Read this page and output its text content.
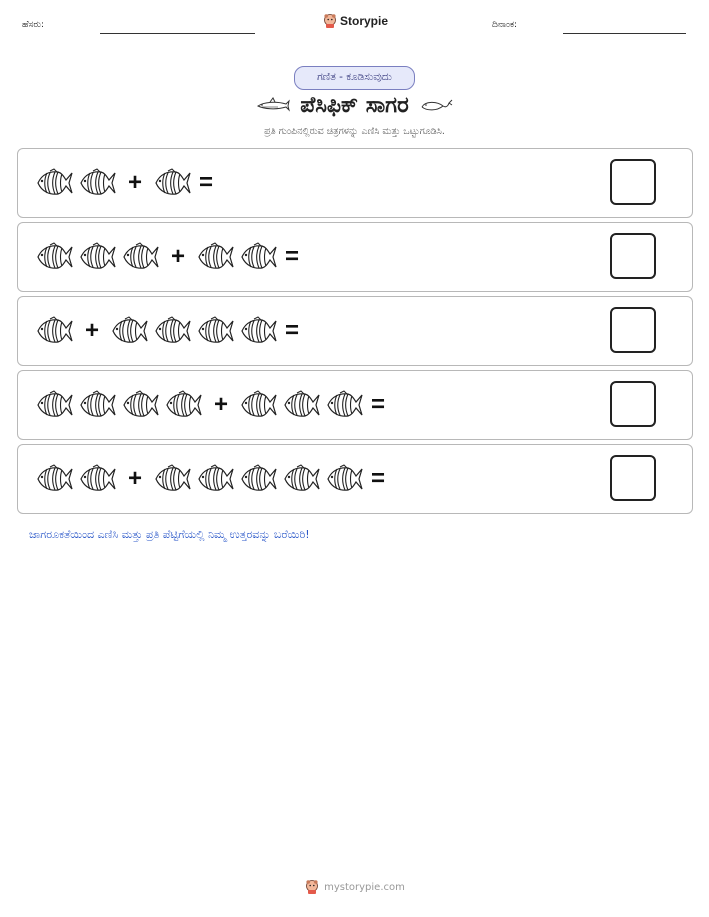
ಹೆಸರು:	Storypie	ದಿನಾಂಕ:
ಗಣಿತ - ಕೂಡಿಸುವುದು
ಪೆಸಿಫಿಕ್ ಸಾಗರ
ಪ್ರತಿ ಗುಂಪಿನಲ್ಲಿರುವ ಚಿತ್ರಗಳನ್ನು ಎಣಿಸಿ ಮತ್ತು ಒಟ್ಟುಗೂಡಿಸಿ.
+ =
+	=
+	=
+	=
+	=
ಜಾಗರೂಕತೆಯಿಂದ ಎಣಿಸಿ ಮತ್ತು ಪ್ರತಿ ಪೆಟ್ಟಿಗೆಯಲ್ಲಿ ನಿಮ್ಮ ಉತ್ತರವನ್ನು ಬರೆಯಿರಿ!
mystorypie.com
